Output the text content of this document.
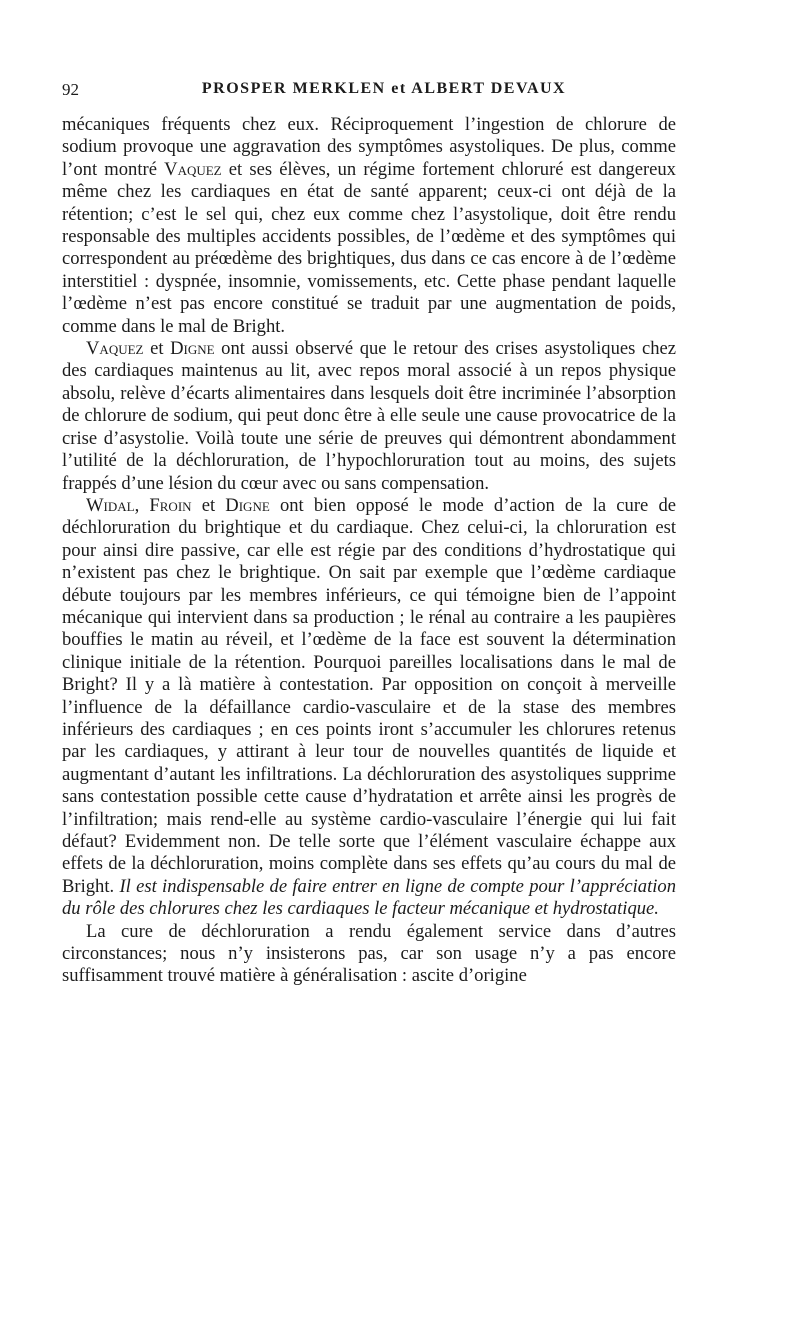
92	PROSPER MERKLEN et ALBERT DEVAUX

mécaniques fréquents chez eux. Réciproquement l’ingestion de chlorure de sodium provoque une aggravation des symptômes asystoliques. De plus, comme l’ont montré Vaquez et ses élèves, un régime fortement chloruré est dangereux même chez les cardiaques en état de santé apparent; ceux-ci ont déjà de la rétention; c’est le sel qui, chez eux comme chez l’asystolique, doit être rendu responsable des multiples accidents possibles, de l’œdème et des symptômes qui correspondent au préœdème des brightiques, dus dans ce cas encore à de l’œdème interstitiel : dyspnée, insomnie, vomissements, etc. Cette phase pendant laquelle l’œdème n’est pas encore constitué se traduit par une augmentation de poids, comme dans le mal de Bright.

Vaquez et Digne ont aussi observé que le retour des crises asystoliques chez des cardiaques maintenus au lit, avec repos moral associé à un repos physique absolu, relève d’écarts alimentaires dans lesquels doit être incriminée l’absorption de chlorure de sodium, qui peut donc être à elle seule une cause provocatrice de la crise d’asystolie. Voilà toute une série de preuves qui démontrent abondamment l’utilité de la déchloruration, de l’hypochloruration tout au moins, des sujets frappés d’une lésion du cœur avec ou sans compensation.

Widal, Froin et Digne ont bien opposé le mode d’action de la cure de déchloruration du brightique et du cardiaque. Chez celui-ci, la chloruration est pour ainsi dire passive, car elle est régie par des conditions d’hydrostatique qui n’existent pas chez le brightique. On sait par exemple que l’œdème cardiaque débute toujours par les membres inférieurs, ce qui témoigne bien de l’appoint mécanique qui intervient dans sa production ; le rénal au contraire a les paupières bouffies le matin au réveil, et l’œdème de la face est souvent la détermination clinique initiale de la rétention. Pourquoi pareilles localisations dans le mal de Bright? Il y a là matière à contestation. Par opposition on conçoit à merveille l’influence de la défaillance cardio-vasculaire et de la stase des membres inférieurs des cardiaques ; en ces points iront s’accumuler les chlorures retenus par les cardiaques, y attirant à leur tour de nouvelles quantités de liquide et augmentant d’autant les infiltrations. La déchloruration des asystoliques supprime sans contestation possible cette cause d’hydratation et arrête ainsi les progrès de l’infiltration; mais rend-elle au système cardio-vasculaire l’énergie qui lui fait défaut? Evidemment non. De telle sorte que l’élément vasculaire échappe aux effets de la déchloruration, moins complète dans ses effets qu’au cours du mal de Bright. Il est indispensable de faire entrer en ligne de compte pour l’appréciation du rôle des chlorures chez les cardiaques le facteur mécanique et hydrostatique.

La cure de déchloruration a rendu également service dans d’autres circonstances; nous n’y insisterons pas, car son usage n’y a pas encore suffisamment trouvé matière à généralisation : ascite d’origine
